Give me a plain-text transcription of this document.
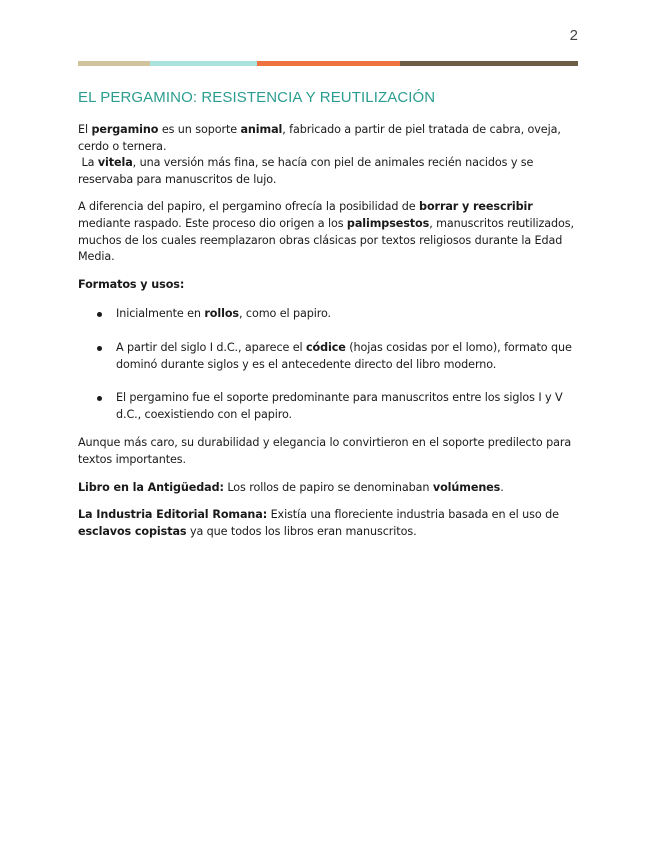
2
EL PERGAMINO: RESISTENCIA Y REUTILIZACIÓN

El pergamino es un soporte animal, fabricado a partir de piel tratada de cabra, oveja, cerdo o ternera.

La vitela, una versión más fina, se hacía con piel de animales recién nacidos y se reservaba para manuscritos de lujo.

A diferencia del papiro, el pergamino ofrecía la posibilidad de borrar y reescribir mediante raspado. Este proceso dio origen a los palimpsestos, manuscritos reutilizados, muchos de los cuales reemplazaron obras clásicas por textos religiosos durante la Edad Media.

Formatos y usos:

Inicialmente en rollos, como el papiro.
A partir del siglo I d.C., aparece el códice (hojas cosidas por el lomo), formato que dominó durante siglos y es el antecedente directo del libro moderno.
El pergamino fue el soporte predominante para manuscritos entre los siglos I y V d.C., coexistiendo con el papiro.

Aunque más caro, su durabilidad y elegancia lo convirtieron en el soporte predilecto para textos importantes.

Libro en la Antigüedad: Los rollos de papiro se denominaban volúmenes.

La Industria Editorial Romana: Existía una floreciente industria basada en el uso de esclavos copistas ya que todos los libros eran manuscritos.
